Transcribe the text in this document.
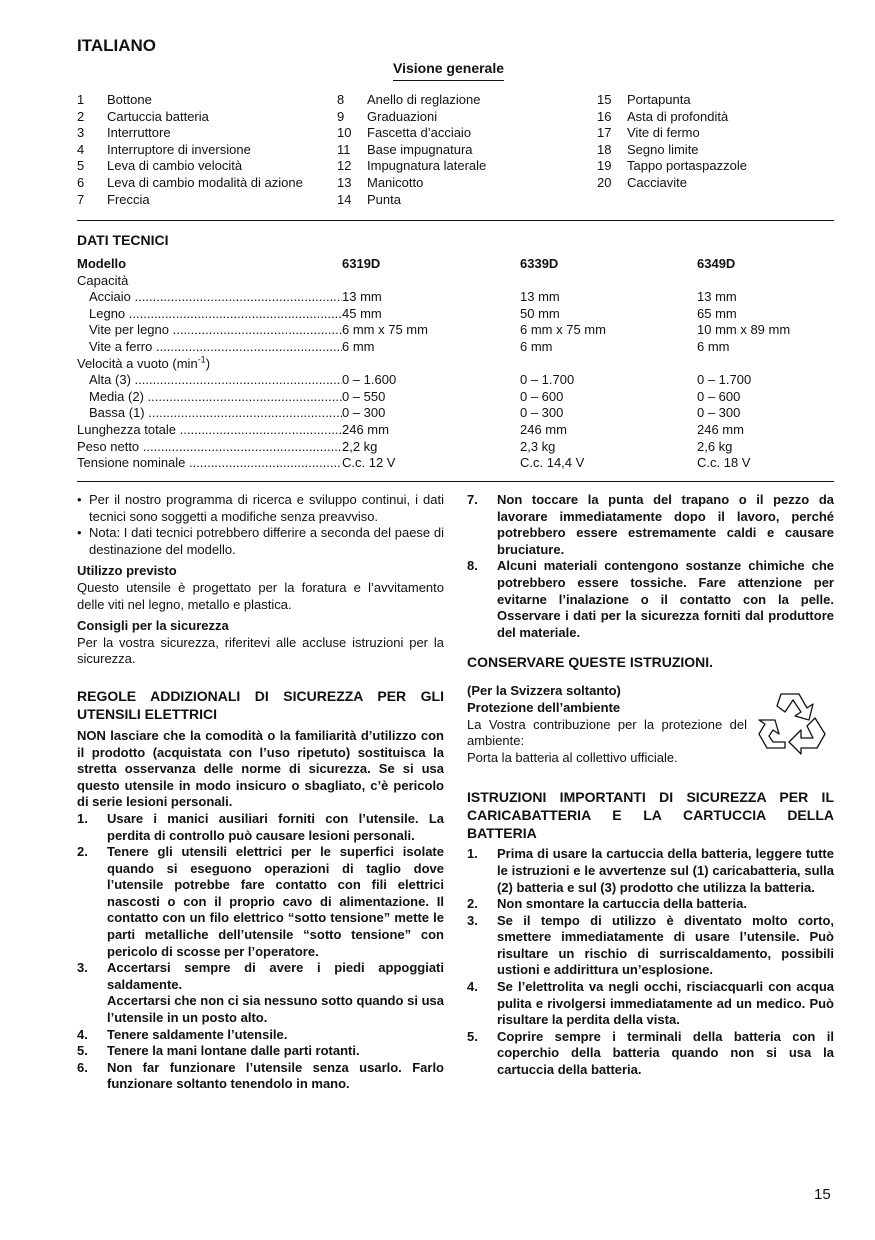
ITALIANO
Visione generale
1 Bottone
2 Cartuccia batteria
3 Interruttore
4 Interruptore di inversione
5 Leva di cambio velocità
6 Leva di cambio modalità di azione
7 Freccia
8 Anello di reglazione
9 Graduazioni
10 Fascetta d’acciaio
11 Base impugnatura
12 Impugnatura laterale
13 Manicotto
14 Punta
15 Portapunta
16 Asta di profondità
17 Vite di fermo
18 Segno limite
19 Tappo portaspazzole
20 Cacciavite
DATI TECNICI
Modello	6319D	6339D	6349D
Capacità
Acciaio .....	13 mm	13 mm	13 mm
Legno .....	45 mm	50 mm	65 mm
Vite per legno .....	6 mm x 75 mm	6 mm x 75 mm	10 mm x 89 mm
Vite a ferro .....	6 mm	6 mm	6 mm
Velocità a vuoto $(\min^{-1})$
Alta (3) .....	0 – 1.600	0 – 1.700	0 – 1.700
Media (2) .....	0 – 550	0 – 600	0 – 600
Bassa (1) .....	0 – 300	0 – 300	0 – 300
Lunghezza totale .....	246 mm	246 mm	246 mm
Peso netto .....	2,2 kg	2,3 kg	2,6 kg
Tensione nominale .....	C.c. 12 V	C.c. 14,4 V	C.c. 18 V
• Per il nostro programma di ricerca e sviluppo continui, i dati tecnici sono soggetti a modifiche senza preavviso.
• Nota: I dati tecnici potrebbero differire a seconda del paese di destinazione del modello.
Utilizzo previsto
Questo utensile è progettato per la foratura e l’avvitamento delle viti nel legno, metallo e plastica.
Consigli per la sicurezza
Per la vostra sicurezza, riferitevi alle accluse istruzioni per la sicurezza.
REGOLE ADDIZIONALI DI SICUREZZA PER GLI UTENSILI ELETTRICI
NON lasciare che la comodità o la familiarità d’utilizzo con il prodotto (acquistata con l’uso ripetuto) sostituisca la stretta osservanza delle norme di sicurezza. Se si usa questo utensile in modo insicuro o sbagliato, c’è pericolo di serie lesioni personali.
1. Usare i manici ausiliari forniti con l’utensile. La perdita di controllo può causare lesioni personali.
2. Tenere gli utensili elettrici per le superfici isolate quando si eseguono operazioni di taglio dove l’utensile potrebbe fare contatto con fili elettrici nascosti o con il proprio cavo di alimentazione. Il contatto con un filo elettrico “sotto tensione” mette le parti metalliche dell’utensile “sotto tensione” con pericolo di scosse per l’operatore.
3. Accertarsi sempre di avere i piedi appoggiati saldamente.
Accertarsi che non ci sia nessuno sotto quando si usa l’utensile in un posto alto.
4. Tenere saldamente l’utensile.
5. Tenere la mani lontane dalle parti rotanti.
6. Non far funzionare l’utensile senza usarlo. Farlo funzionare soltanto tenendolo in mano.
7. Non toccare la punta del trapano o il pezzo da lavorare immediatamente dopo il lavoro, perché potrebbero essere estremamente caldi e causare bruciature.
8. Alcuni materiali contengono sostanze chimiche che potrebbero essere tossiche. Fare attenzione per evitarne l’inalazione o il contatto con la pelle. Osservare i dati per la sicurezza forniti dal produttore del materiale.
CONSERVARE QUESTE ISTRUZIONI.
(Per la Svizzera soltanto)
Protezione dell’ambiente
La Vostra contribuzione per la protezione del ambiente:
Porta la batteria al collettivo ufficiale.
ISTRUZIONI IMPORTANTI DI SICUREZZA PER IL CARICABATTERIA E LA CARTUCCIA DELLA BATTERIA
1. Prima di usare la cartuccia della batteria, leggere tutte le istruzioni e le avvertenze sul (1) caricabatteria, sulla (2) batteria e sul (3) prodotto che utilizza la batteria.
2. Non smontare la cartuccia della batteria.
3. Se il tempo di utilizzo è diventato molto corto, smettere immediatamente di usare l’utensile. Può risultare un rischio di surriscaldamento, possibili ustioni e addirittura un’esplosione.
4. Se l’elettrolita va negli occhi, risciacquarli con acqua pulita e rivolgersi immediatamente ad un medico. Può risultare la perdita della vista.
5. Coprire sempre i terminali della batteria con il coperchio della batteria quando non si usa la cartuccia della batteria.
15
